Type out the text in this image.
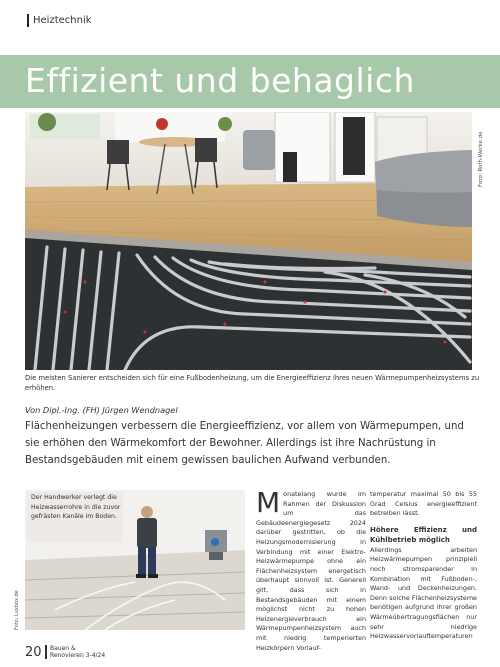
Heiztechnik
Effizient und behaglich
Foto: Roth-Werke.de
Die meisten Sanierer entscheiden sich für eine Fußbodenheizung, um die Energieeffizienz ihres neuen Wärmepumpenheizsystems zu erhöhen.
Von Dipl.-Ing. (FH) Jürgen Wendnagel
Flächenheizungen verbessern die Energieeffizienz, vor allem von Wärmepumpen, und sie erhöhen den Wärmekomfort der Bewohner. Allerdings ist ihre Nachrüstung in Bestandsgebäuden mit einem gewissen baulichen Aufwand verbunden.
Der Handwerker verlegt die Heizwasserrohre in die zuvor gefrästen Kanäle im Boden.
Foto: Luxbox.de
M onatelang wurde im Rahmen der Diskussion um das Gebäudeenergiegesetz 2024 darüber gestritten, ob die Heizungsmodernisierung in Verbindung mit einer Elektro-Heizwärmepumpe ohne ein Flächenheizsystem energetisch überhaupt sinnvoll ist. Generell gilt, dass sich in Bestandsgebäuden mit einem möglichst nicht zu hohen Heizenergieverbrauch ein Wärmepumpenheizsystem auch mit niedrig temperierten Heizkörpern Vorlauf-
temperatur maximal 50 bis 55 Grad Celsius energieeffizient betreiben lässt.
Höhere Effizienz und Kühlbetrieb möglich
Allerdings arbeiten Heizwärmepumpen prinzipiell noch stromsparender in Kombination mit Fußboden-, Wand- und Deckenheizungen. Denn solche Flächenheizsysteme benötigen aufgrund ihrer großen Wärmeübertragungsflächen nur sehr niedrige Heizwasservorlauftemperaturen
20 Bauen &
Renovieren 3-4/24
